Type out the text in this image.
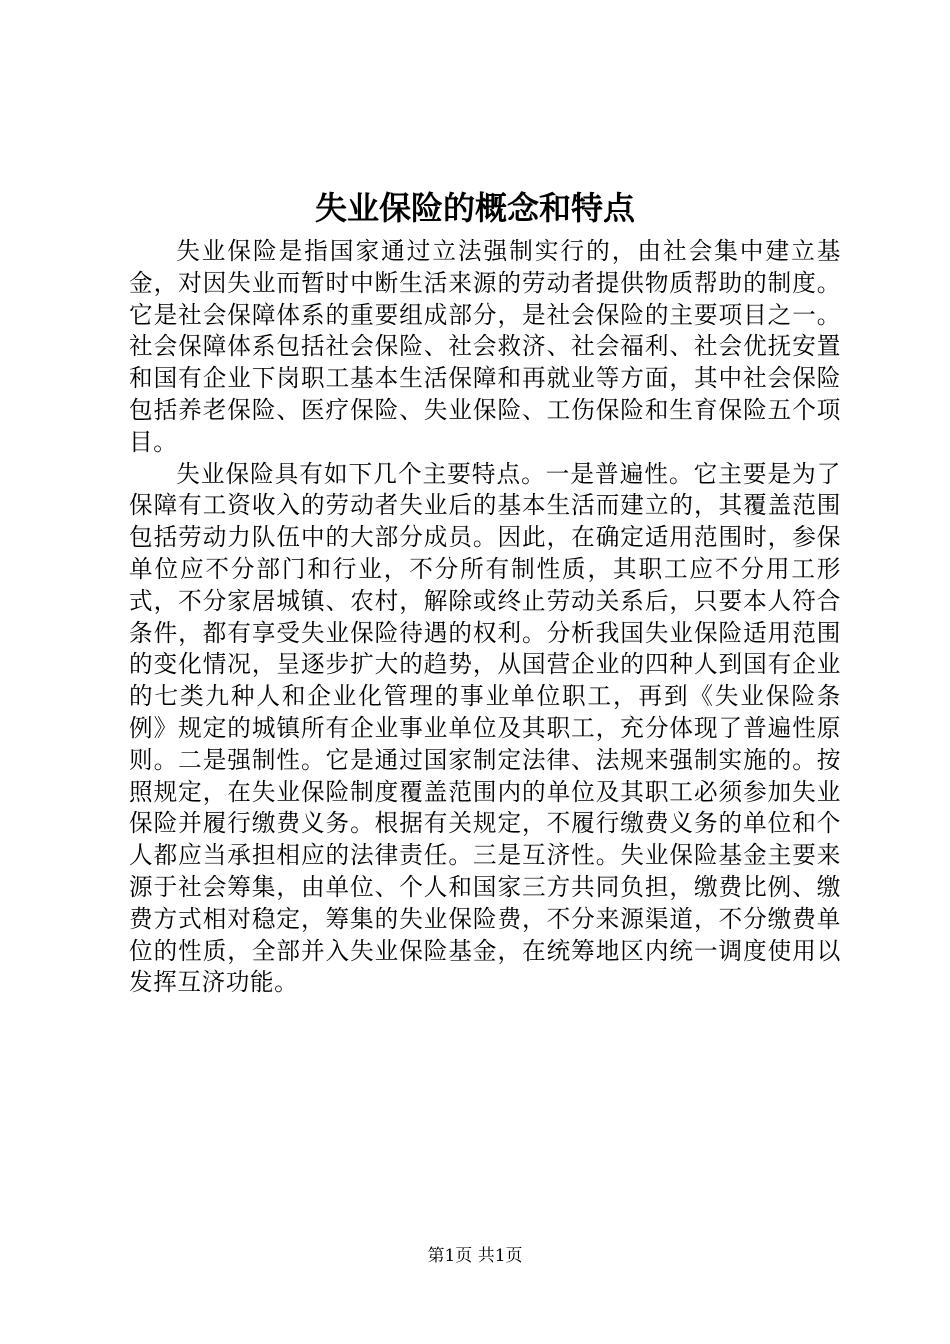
失业保险的概念和特点

失业保险是指国家通过立法强制实行的，由社会集中建立基金，对因失业而暂时中断生活来源的劳动者提供物质帮助的制度。它是社会保障体系的重要组成部分，是社会保险的主要项目之一。社会保障体系包括社会保险、社会救济、社会福利、社会优抚安置和国有企业下岗职工基本生活保障和再就业等方面，其中社会保险包括养老保险、医疗保险、失业保险、工伤保险和生育保险五个项目。

失业保险具有如下几个主要特点。一是普遍性。它主要是为了保障有工资收入的劳动者失业后的基本生活而建立的，其覆盖范围包括劳动力队伍中的大部分成员。因此，在确定适用范围时，参保单位应不分部门和行业，不分所有制性质，其职工应不分用工形式，不分家居城镇、农村，解除或终止劳动关系后，只要本人符合条件，都有享受失业保险待遇的权利。分析我国失业保险适用范围的变化情况，呈逐步扩大的趋势，从国营企业的四种人到国有企业的七类九种人和企业化管理的事业单位职工，再到《失业保险条例》规定的城镇所有企业事业单位及其职工，充分体现了普遍性原则。二是强制性。它是通过国家制定法律、法规来强制实施的。按照规定，在失业保险制度覆盖范围内的单位及其职工必须参加失业保险并履行缴费义务。根据有关规定，不履行缴费义务的单位和个人都应当承担相应的法律责任。三是互济性。失业保险基金主要来源于社会筹集，由单位、个人和国家三方共同负担，缴费比例、缴费方式相对稳定，筹集的失业保险费，不分来源渠道，不分缴费单位的性质，全部并入失业保险基金，在统筹地区内统一调度使用以发挥互济功能。

第1页 共1页
